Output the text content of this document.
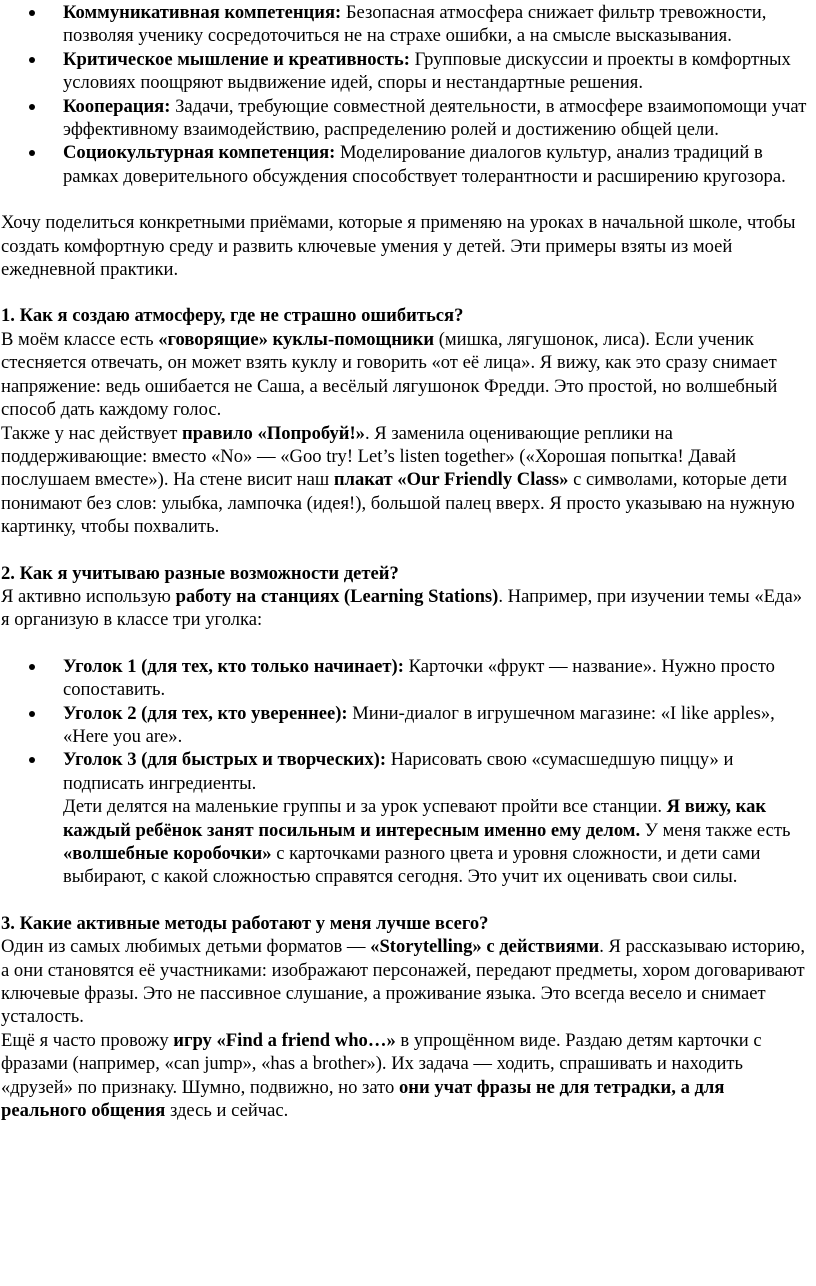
Коммуникативная компетенция: Безопасная атмосфера снижает фильтр тревожности, позволяя ученику сосредоточиться не на страхе ошибки, а на смысле высказывания.
Критическое мышление и креативность: Групповые дискуссии и проекты в комфортных условиях поощряют выдвижение идей, споры и нестандартные решения.
Кооперация: Задачи, требующие совместной деятельности, в атмосфере взаимопомощи учат эффективному взаимодействию, распределению ролей и достижению общей цели.
Социокультурная компетенция: Моделирование диалогов культур, анализ традиций в рамках доверительного обсуждения способствует толерантности и расширению кругозора.

Хочу поделиться конкретными приёмами, которые я применяю на уроках в начальной школе, чтобы создать комфортную среду и развить ключевые умения у детей. Эти примеры взяты из моей ежедневной практики.

1. Как я создаю атмосферу, где не страшно ошибиться?

В моём классе есть «говорящие» куклы-помощники (мишка, лягушонок, лиса). Если ученик стесняется отвечать, он может взять куклу и говорить «от её лица». Я вижу, как это сразу снимает напряжение: ведь ошибается не Саша, а весёлый лягушонок Фредди. Это простой, но волшебный способ дать каждому голос.

Также у нас действует правило «Попробуй!». Я заменила оценивающие реплики на поддерживающие: вместо «No» — «Goo try! Let’s listen together» («Хорошая попытка! Давай послушаем вместе»). На стене висит наш плакат «Our Friendly Class» с символами, которые дети понимают без слов: улыбка, лампочка (идея!), большой палец вверх. Я просто указываю на нужную картинку, чтобы похвалить.

2. Как я учитываю разные возможности детей?

Я активно использую работу на станциях (Learning Stations). Например, при изучении темы «Еда» я организую в классе три уголка:

Уголок 1 (для тех, кто только начинает): Карточки «фрукт — название». Нужно просто сопоставить.
Уголок 2 (для тех, кто увереннее): Мини-диалог в игрушечном магазине: «I like apples», «Here you are».
Уголок 3 (для быстрых и творческих): Нарисовать свою «сумасшедшую пиццу» и подписать ингредиенты.
Дети делятся на маленькие группы и за урок успевают пройти все станции. Я вижу, как каждый ребёнок занят посильным и интересным именно ему делом. У меня также есть «волшебные коробочки» с карточками разного цвета и уровня сложности, и дети сами выбирают, с какой сложностью справятся сегодня. Это учит их оценивать свои силы.

3. Какие активные методы работают у меня лучше всего?

Один из самых любимых детьми форматов — «Storytelling» с действиями. Я рассказываю историю, а они становятся её участниками: изображают персонажей, передают предметы, хором договаривают ключевые фразы. Это не пассивное слушание, а проживание языка. Это всегда весело и снимает усталость.

Ещё я часто провожу игру «Find a friend who…» в упрощённом виде. Раздаю детям карточки с фразами (например, «can jump», «has a brother»). Их задача — ходить, спрашивать и находить «друзей» по признаку. Шумно, подвижно, но зато они учат фразы не для тетрадки, а для реального общения здесь и сейчас.
